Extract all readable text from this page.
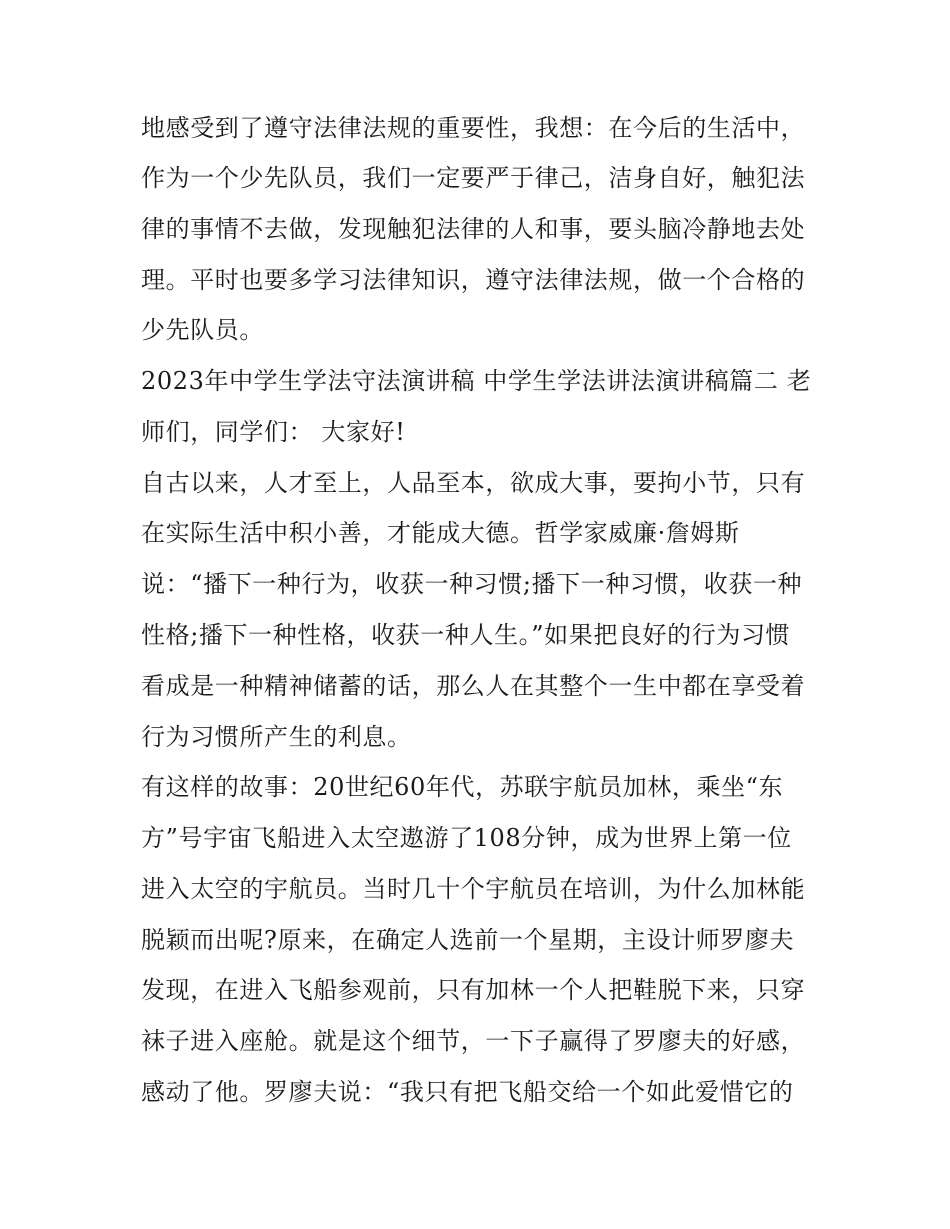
地感受到了遵守法律法规的重要性，我想：在今后的生活中，
作为一个少先队员，我们一定要严于律己，洁身自好，触犯法
律的事情不去做，发现触犯法律的人和事，要头脑冷静地去处
理。平时也要多学习法律知识，遵守法律法规，做一个合格的
少先队员。
2023年中学生学法守法演讲稿 中学生学法讲法演讲稿篇二 老
师们，同学们： 大家好!
自古以来，人才至上，人品至本，欲成大事，要拘小节，只有
在实际生活中积小善，才能成大德。哲学家威廉·詹姆斯
说：“播下一种行为，收获一种习惯;播下一种习惯，收获一种
性格;播下一种性格，收获一种人生。”如果把良好的行为习惯
看成是一种精神储蓄的话，那么人在其整个一生中都在享受着
行为习惯所产生的利息。
有这样的故事：20世纪60年代，苏联宇航员加林，乘坐“东
方”号宇宙飞船进入太空遨游了108分钟，成为世界上第一位
进入太空的宇航员。当时几十个宇航员在培训，为什么加林能
脱颖而出呢?原来，在确定人选前一个星期，主设计师罗廖夫
发现，在进入飞船参观前，只有加林一个人把鞋脱下来，只穿
袜子进入座舱。就是这个细节，一下子赢得了罗廖夫的好感，
感动了他。罗廖夫说：“我只有把飞船交给一个如此爱惜它的
